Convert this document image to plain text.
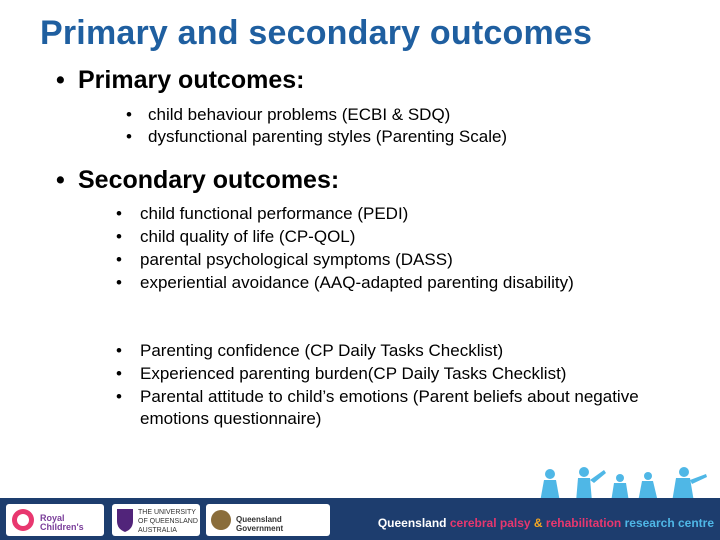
Primary and secondary outcomes
• Primary outcomes:
• child behaviour problems (ECBI & SDQ)
• dysfunctional parenting styles (Parenting Scale)
• Secondary outcomes:
• child functional performance (PEDI)
• child quality of life (CP-QOL)
• parental psychological symptoms (DASS)
• experiential avoidance (AAQ-adapted parenting disability)
• Parenting confidence (CP Daily Tasks Checklist)
• Experienced parenting burden(CP Daily Tasks Checklist)
• Parental attitude to child’s emotions (Parent beliefs about negative emotions questionnaire)
Royal Children's
THE UNIVERSITY OF QUEENSLAND AUSTRALIA
Queensland Government	Queensland cerebral palsy & rehabilitation research centre
